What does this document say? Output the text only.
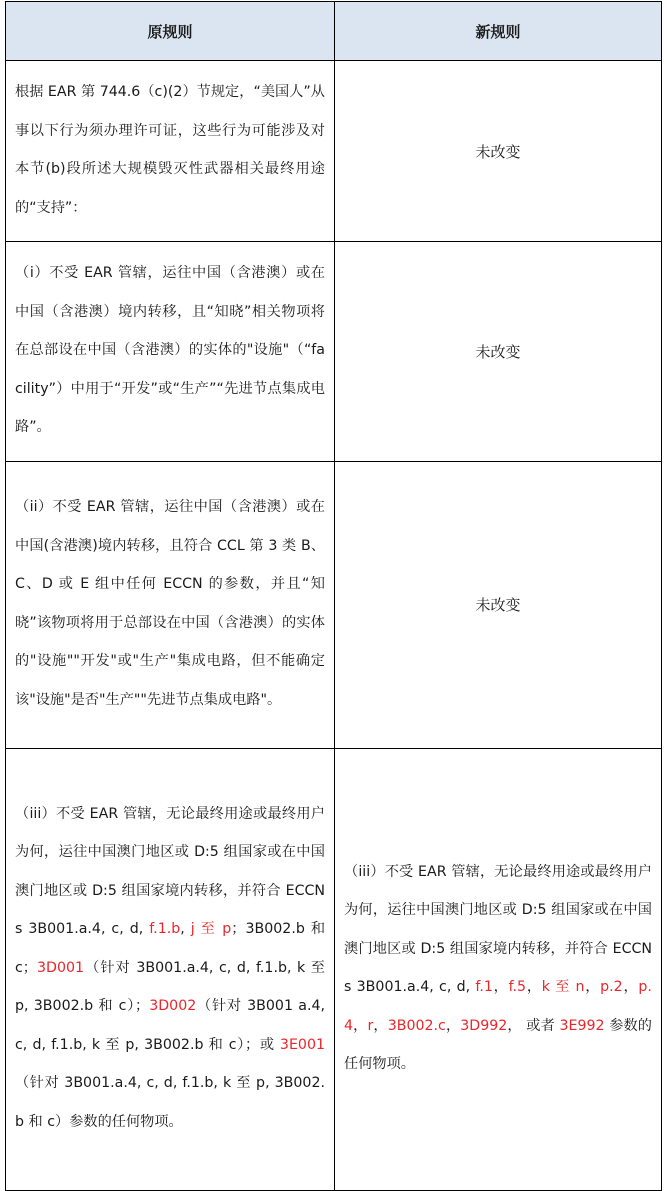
原规则	新规则
根据 EAR 第 744.6（c)(2）节规定，“美国人”从事以下行为须办理许可证，这些行为可能涉及对本节(b)段所述大规模毁灭性武器相关最终用途的“支持”：	未改变
（i）不受 EAR 管辖，运往中国（含港澳）或在中国（含港澳）境内转移，且“知晓”相关物项将在总部设在中国（含港澳）的实体的"设施"（“facility”）中用于“开发”或“生产”“先进节点集成电路”。	未改变
（ii）不受 EAR 管辖，运往中国（含港澳）或在中国(含港澳)境内转移，且符合 CCL 第 3 类 B、C、D 或 E 组中任何 ECCN 的参数，并且“知晓”该物项将用于总部设在中国（含港澳）的实体的"设施""开发"或"生产"集成电路，但不能确定该"设施"是否"生产""先进节点集成电路"。	未改变
（iii）不受 EAR 管辖，无论最终用途或最终用户为何，运往中国澳门地区或 D:5 组国家或在中国澳门地区或 D:5 组国家境内转移，并符合 ECCNs 3B001.a.4, c, d, f.1.b, j 至 p；3B002.b 和 c；3D001（针对 3B001.a.4, c, d, f.1.b, k 至 p, 3B002.b 和 c）；3D002（针对 3B001 a.4,c, d, f.1.b, k 至 p, 3B002.b 和 c）；或 3E001（针对 3B001.a.4, c, d, f.1.b, k 至 p, 3B002.b 和 c）参数的任何物项。	（iii）不受 EAR 管辖，无论最终用途或最终用户为何，运往中国澳门地区或 D:5 组国家或在中国澳门地区或 D:5 组国家境内转移，并符合 ECCNs 3B001.a.4, c, d, f.1，f.5，k 至 n，p.2，p.4，r，3B002.c，3D992， 或者 3E992 参数的任何物项。
